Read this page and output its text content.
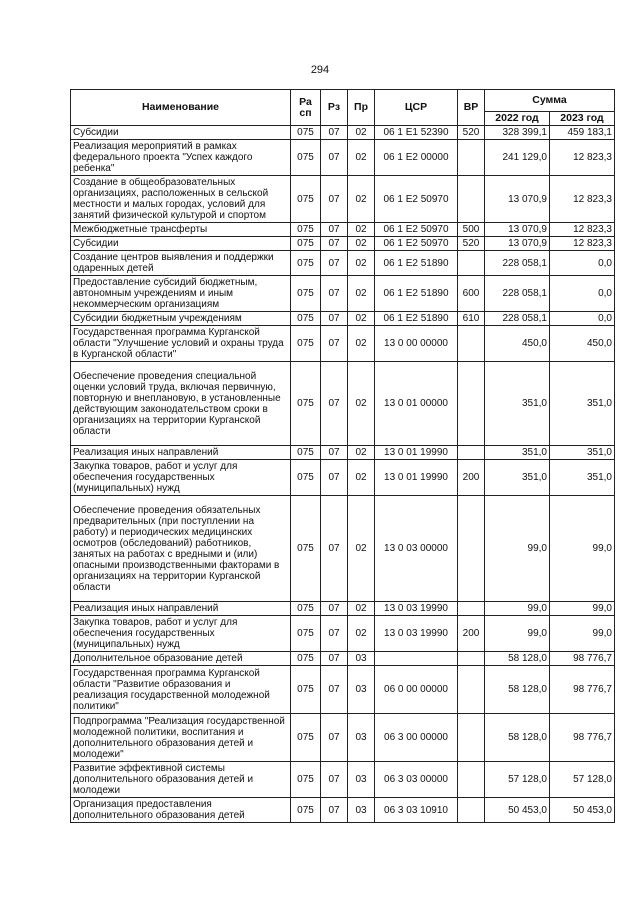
294
Наименование	Ра сп	Рз	Пр	ЦСР	ВР	Сумма	
						2022 год	2023 год
Субсидии	075	07	02	06 1 E1 52390	520	328 399,1	459 183,1
Реализация мероприятий в рамках федерального проекта "Успех каждого ребенка"	075	07	02	06 1 E2 00000		241 129,0	12 823,3
Создание в общеобразовательных организациях, расположенных в сельской местности и малых городах, условий для занятий физической культурой и спортом	075	07	02	06 1 E2 50970		13 070,9	12 823,3
Межбюджетные трансферты	075	07	02	06 1 E2 50970	500	13 070,9	12 823,3
Субсидии	075	07	02	06 1 E2 50970	520	13 070,9	12 823,3
Создание центров выявления и поддержки одаренных детей	075	07	02	06 1 E2 51890		228 058,1	0,0
Предоставление субсидий бюджетным, автономным учреждениям и иным некоммерческим организациям	075	07	02	06 1 E2 51890	600	228 058,1	0,0
Субсидии бюджетным учреждениям	075	07	02	06 1 E2 51890	610	228 058,1	0,0
Государственная программа Курганской области "Улучшение условий и охраны труда в Курганской области"	075	07	02	13 0 00 00000		450,0	450,0
Обеспечение проведения специальной оценки условий труда, включая первичную, повторную и внеплановую, в установленные действующим законодательством сроки в организациях на территории Курганской области	075	07	02	13 0 01 00000		351,0	351,0
Реализация иных направлений	075	07	02	13 0 01 19990		351,0	351,0
Закупка товаров, работ и услуг для обеспечения государственных (муниципальных) нужд	075	07	02	13 0 01 19990	200	351,0	351,0
Обеспечение проведения обязательных предварительных (при поступлении на работу) и периодических медицинских осмотров (обследований) работников, занятых на работах с вредными и (или) опасными производственными факторами в организациях на территории Курганской области	075	07	02	13 0 03 00000		99,0	99,0
Реализация иных направлений	075	07	02	13 0 03 19990		99,0	99,0
Закупка товаров, работ и услуг для обеспечения государственных (муниципальных) нужд	075	07	02	13 0 03 19990	200	99,0	99,0
Дополнительное образование детей	075	07	03			58 128,0	98 776,7
Государственная программа Курганской области "Развитие образования и реализация государственной молодежной политики"	075	07	03	06 0 00 00000		58 128,0	98 776,7
Подпрограмма "Реализация государственной молодежной политики, воспитания и дополнительного образования детей и молодежи"	075	07	03	06 3 00 00000		58 128,0	98 776,7
Развитие эффективной системы дополнительного образования детей и молодежи	075	07	03	06 3 03 00000		57 128,0	57 128,0
Организация предоставления дополнительного образования детей	075	07	03	06 3 03 10910		50 453,0	50 453,0
